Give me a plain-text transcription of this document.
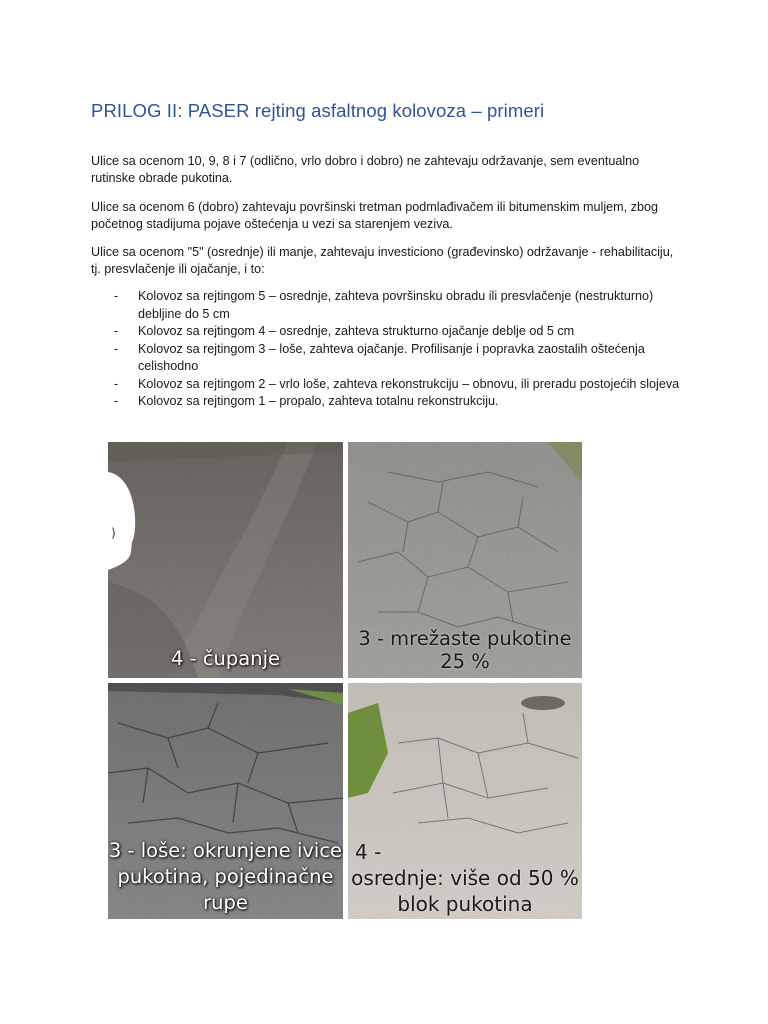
PRILOG II: PASER rejting asfaltnog kolovoza – primeri

Ulice sa ocenom 10, 9, 8 i 7 (odlično, vrlo dobro i dobro) ne zahtevaju održavanje, sem eventualno rutinske obrade pukotina.

Ulice sa ocenom 6 (dobro) zahtevaju površinski tretman podmlađivačem ili bitumenskim muljem, zbog početnog stadijuma pojave oštećenja u vezi sa starenjem veziva.

Ulice sa ocenom "5" (osrednje) ili manje, zahtevaju investiciono (građevinsko) održavanje - rehabilitaciju, tj. presvlačenje ili ojačanje, i to:

- Kolovoz sa rejtingom 5 – osrednje, zahteva površinsku obradu ili presvlačenje (nestrukturno) debljine do 5 cm
- Kolovoz sa rejtingom 4 – osrednje, zahteva strukturno ojačanje deblje od 5 cm
- Kolovoz sa rejtingom 3 – loše, zahteva ojačanje. Profilisanje i popravka zaostalih oštećenja celishodno
- Kolovoz sa rejtingom 2 – vrlo loše, zahteva rekonstrukciju – obnovu, ili preradu postojećih slojeva
- Kolovoz sa rejtingom 1 – propalo, zahteva totalnu rekonstrukciju.
)
4 - čupanje
3 - mrežaste pukotine
25 %
3 - loše: okrunjene ivice
pukotina, pojedinačne
rupe
4 -
osrednje: više od 50 %
blok pukotina
